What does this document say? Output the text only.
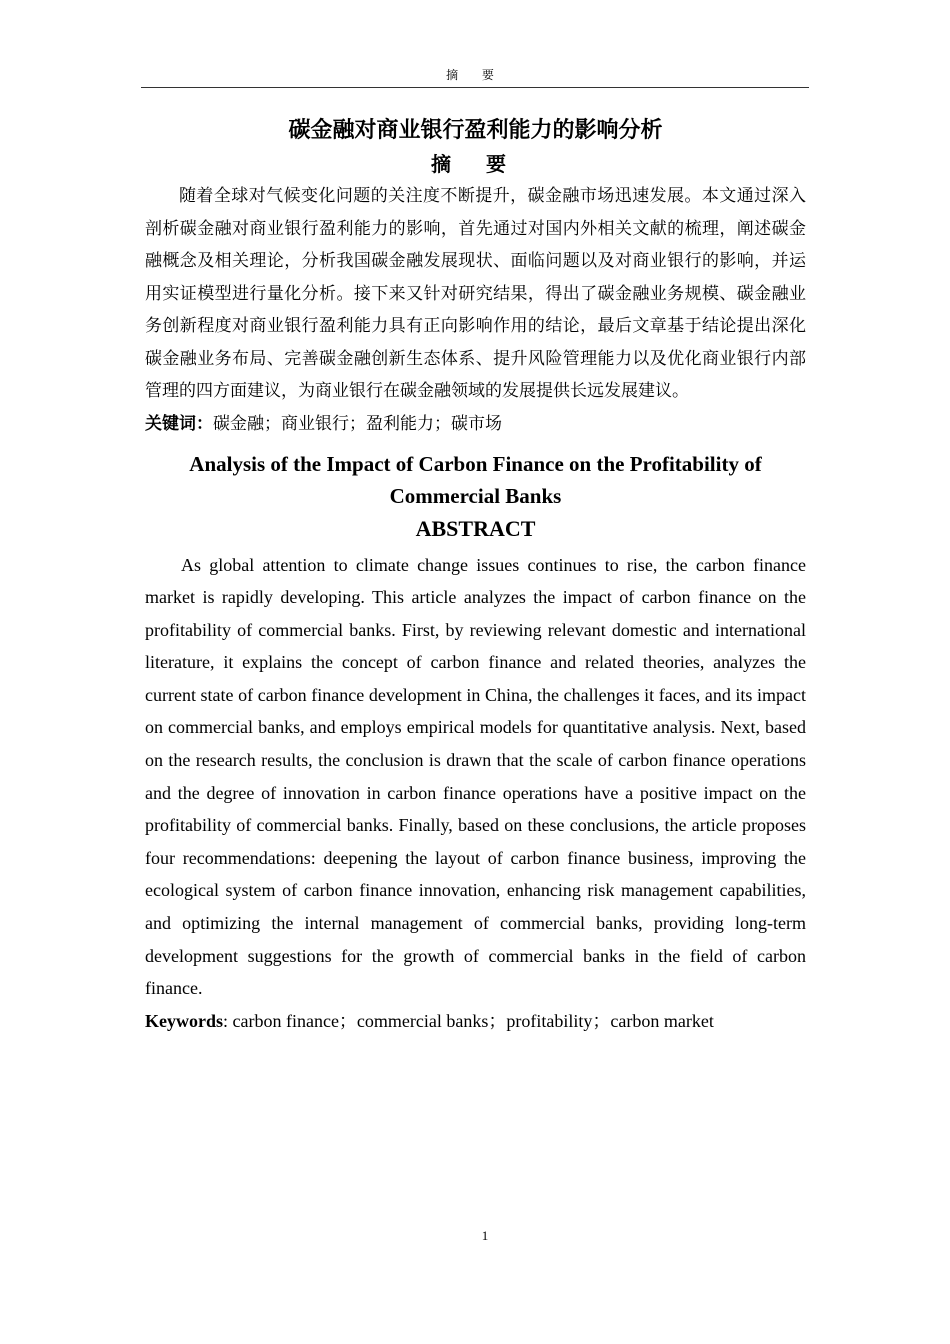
摘 要
碳金融对商业银行盈利能力的影响分析
摘 要

随着全球对气候变化问题的关注度不断提升，碳金融市场迅速发展。本文通过深入剖析碳金融对商业银行盈利能力的影响，首先通过对国内外相关文献的梳理，阐述碳金融概念及相关理论，分析我国碳金融发展现状、面临问题以及对商业银行的影响，并运用实证模型进行量化分析。接下来又针对研究结果，得出了碳金融业务规模、碳金融业务创新程度对商业银行盈利能力具有正向影响作用的结论，最后文章基于结论提出深化碳金融业务布局、完善碳金融创新生态体系、提升风险管理能力以及优化商业银行内部管理的四方面建议，为商业银行在碳金融领域的发展提供长远发展建议。

关键词：碳金融；商业银行；盈利能力；碳市场

Analysis of the Impact of Carbon Finance on the Profitability of Commercial Banks
ABSTRACT

As global attention to climate change issues continues to rise, the carbon finance market is rapidly developing. This article analyzes the impact of carbon finance on the profitability of commercial banks. First, by reviewing relevant domestic and international literature, it explains the concept of carbon finance and related theories, analyzes the current state of carbon finance development in China, the challenges it faces, and its impact on commercial banks, and employs empirical models for quantitative analysis. Next, based on the research results, the conclusion is drawn that the scale of carbon finance operations and the degree of innovation in carbon finance operations have a positive impact on the profitability of commercial banks. Finally, based on these conclusions, the article proposes four recommendations: deepening the layout of carbon finance business, improving the ecological system of carbon finance innovation, enhancing risk management capabilities, and optimizing the internal management of commercial banks, providing long-term development suggestions for the growth of commercial banks in the field of carbon finance.

Keywords: carbon finance；commercial banks；profitability；carbon market

1
